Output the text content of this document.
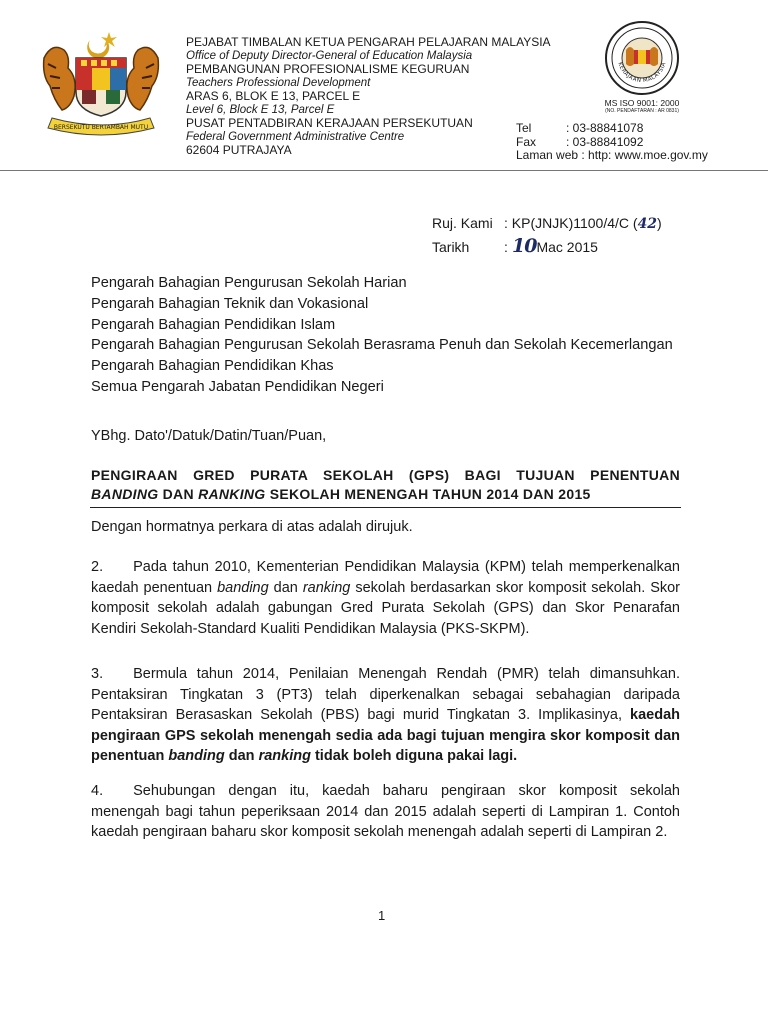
BERSEKUTU BERTAMBAH MUTU
PEJABAT TIMBALAN KETUA PENGARAH PELAJARAN MALAYSIA
Office of Deputy Director-General of Education Malaysia
PEMBANGUNAN PROFESIONALISME KEGURUAN
Teachers Professional Development
ARAS 6, BLOK E 13, PARCEL E
Level 6, Block E 13, Parcel E
PUSAT PENTADBIRAN KERAJAAN PERSEKUTUAN
Federal Government Administrative Centre
62604 PUTRAJAYA
KERAJAAN MALAYSIA
MS ISO 9001: 2000
(NO. PENDAFTARAN : AR 0831)
Tel	: 03-88841078
Fax : 03-88841092
Laman web : http: www.moe.gov.my
Ruj. Kami : KP(JNJK)1100/4/C (42)
Tarikh : 10Mac 2015
Pengarah Bahagian Pengurusan Sekolah Harian
Pengarah Bahagian Teknik dan Vokasional
Pengarah Bahagian Pendidikan Islam
Pengarah Bahagian Pengurusan Sekolah Berasrama Penuh dan Sekolah Kecemerlangan
Pengarah Bahagian Pendidikan Khas
Semua Pengarah Jabatan Pendidikan Negeri
YBhg. Dato'/Datuk/Datin/Tuan/Puan,
PENGIRAAN GRED PURATA SEKOLAH (GPS) BAGI TUJUAN PENENTUAN
BANDING DAN RANKING SEKOLAH MENENGAH TAHUN 2014 DAN 2015
Dengan hormatnya perkara di atas adalah dirujuk.
2. Pada tahun 2010, Kementerian Pendidikan Malaysia (KPM) telah memperkenalkan kaedah penentuan banding dan ranking sekolah berdasarkan skor komposit sekolah. Skor komposit sekolah adalah gabungan Gred Purata Sekolah (GPS) dan Skor Penarafan Kendiri Sekolah-Standard Kualiti Pendidikan Malaysia (PKS-SKPM).
3. Bermula tahun 2014, Penilaian Menengah Rendah (PMR) telah dimansuhkan. Pentaksiran Tingkatan 3 (PT3) telah diperkenalkan sebagai sebahagian daripada Pentaksiran Berasaskan Sekolah (PBS) bagi murid Tingkatan 3. Implikasinya, kaedah pengiraan GPS sekolah menengah sedia ada bagi tujuan mengira skor komposit dan penentuan banding dan ranking tidak boleh diguna pakai lagi.
4. Sehubungan dengan itu, kaedah baharu pengiraan skor komposit sekolah menengah bagi tahun peperiksaan 2014 dan 2015 adalah seperti di Lampiran 1. Contoh kaedah pengiraan baharu skor komposit sekolah menengah adalah seperti di Lampiran 2.
1
